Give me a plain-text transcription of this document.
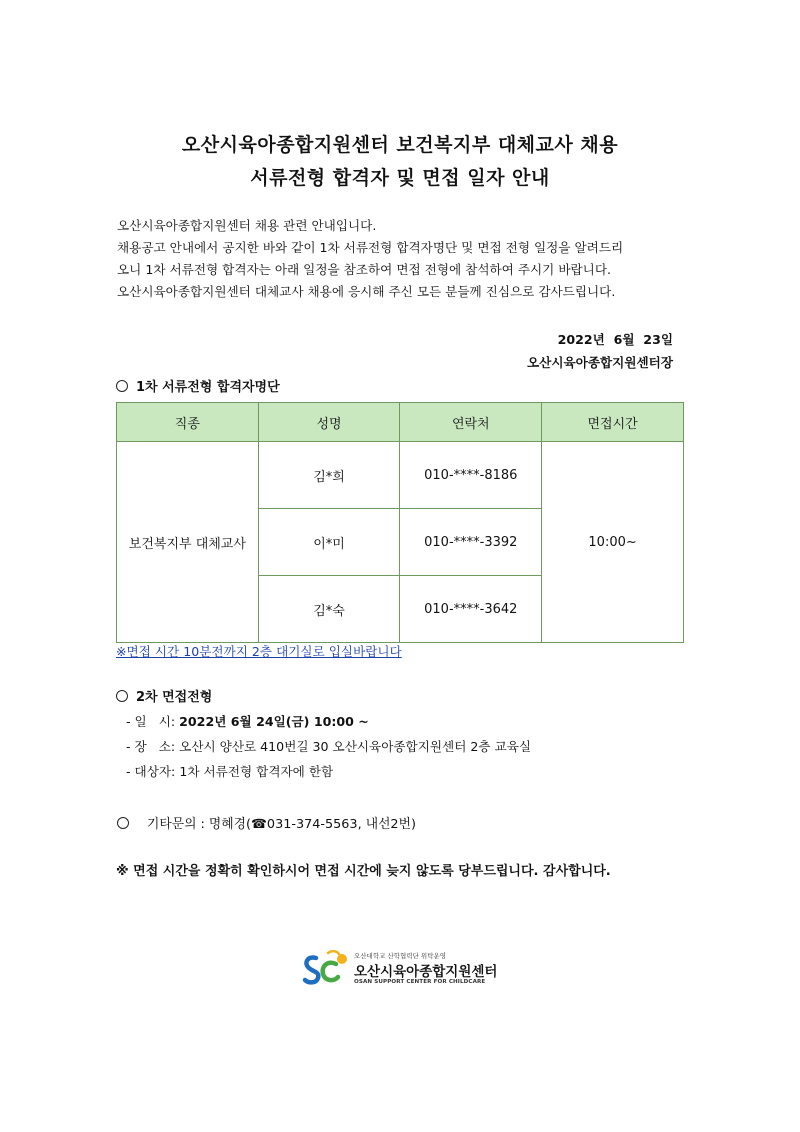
오산시육아종합지원센터 보건복지부 대체교사 채용
서류전형 합격자 및 면접 일자 안내
오산시육아종합지원센터 채용 관련 안내입니다.
채용공고 안내에서 공지한 바와 같이 1차 서류전형 합격자명단 및 면접 전형 일정을 알려드리
오니 1차 서류전형 합격자는 아래 일정을 참조하여 면접 전형에 참석하여 주시기 바랍니다.
오산시육아종합지원센터 대체교사 채용에 응시해 주신 모든 분들께 진심으로 감사드립니다.
2022년  6월  23일
오산시육아종합지원센터장
1차 서류전형 합격자명단
직종	성명	연락처	면접시간
보건복지부 대체교사	김*희	010-****-8186	10:00~
	이*미	010-****-3392	
	김*숙	010-****-3642	
※면접 시간 10분전까지 2층 대기실로 입실바랍니다
2차 면접전형
- 일   시: 2022년 6월 24일(금) 10:00 ~
- 장   소: 오산시 양산로 410번길 30 오산시육아종합지원센터 2층 교육실
- 대상자: 1차 서류전형 합격자에 한함
기타문의 : 명혜경(☎031-374-5563, 내선2번)
※ 면접 시간을 정확히 확인하시어 면접 시간에 늦지 않도록 당부드립니다. 감사합니다.
오산대학교 산학협력단 위탁운영
오산시육아종합지원센터
OSAN SUPPORT CENTER FOR CHILDCARE
